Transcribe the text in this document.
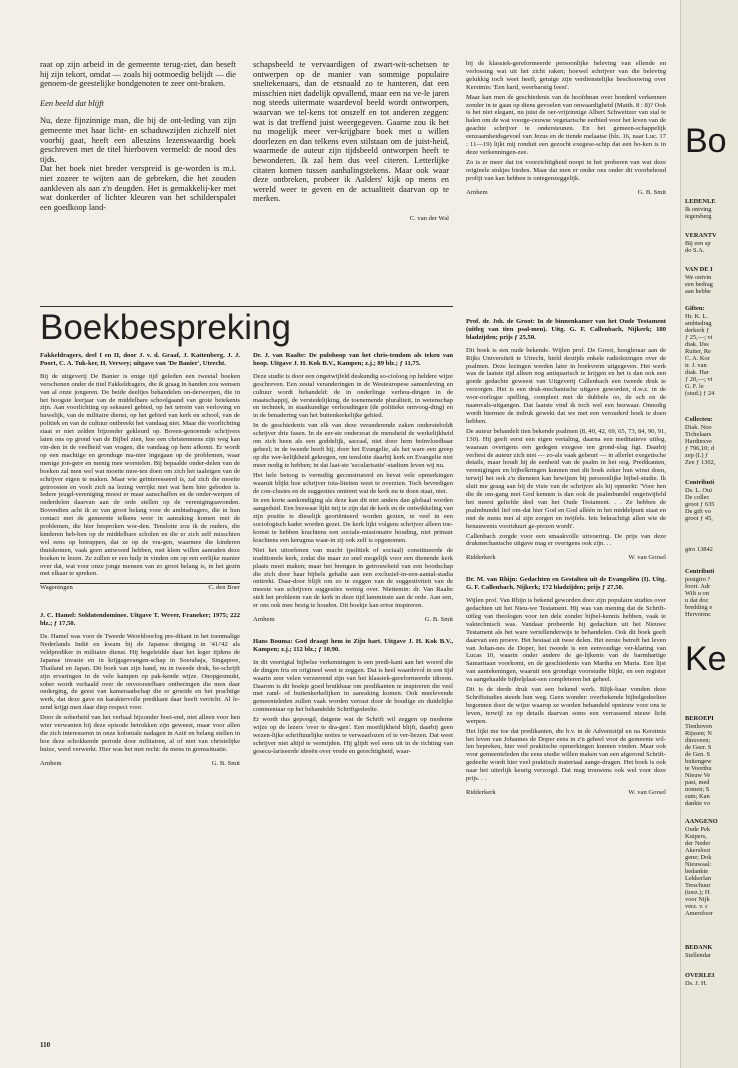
raat op zijn arbeid in de gemeente terug-ziet, dan beseft hij zijn tekort, omdat — zoals hij ootmoedig belijdt — die genoem-de geestelijke bondgenoten te zeer ont-braken.

Een beeld dat blijft

Nu, deze fijnzinnige man, die bij de ont-leding van zijn gemeente met haar licht- en schaduwzijden zichzelf niet voorbij gaat, heeft een alleszins lezenswaardig boek geschreven met de titel hierboven vermeld: de nood des tijds.

Dat het boek niet breder verspreid is ge-worden is m.i. niet zozeer te wijten aan de gebreken, die het zouden aankleven als aan z'n deugden. Het is gemakkelij-ker met wat donkerder of lichter kleuren van het schilderspalet een goedkoop land-

schapsbeeld te vervaardigen of zwart-wit-schetsen te ontwerpen op de manier van sommige populaire sneltekenaars, dan de etsnaald zo te hanteren, dat een misschien niet dadelijk opvallend, maar een na ve-le jaren nog steeds uitermate waardevol beeld wordt ontworpen, waarvan we tel-kens tot onszelf en tot anderen zeggen: wat is dat treffend juist weergegeven. Gaarne zou ik het nu mogelijk meer ver-krijgbare boek met u willen doorlezen en dan telkens even stilstaan om de juist-heid, waarmede de auteur zijn tijdsbeeld ontworpen heeft te bewonderen. Ik zal hem dus veel citeren. Letterlijke citaten komen tussen aanhalingstekens. Maar ook waar deze ontbreken, probeer ik Aalders' kijk op mens en wereld weer te geven en de actualiteit daarvan op te merken.

C. van der Wal

bij de klassiek-gereformeerde persoonlijke beleving van ellende en verlossing wat uit het zicht raken; hoewel schrijver van die beleving gelukkig toch weet heeft, getuige zijn verdienstelijke beschouwing over Kerstmis: 'Een hard, weerbarstig feest'.

Maar kan men de geschiedenis van de hoofdman over honderd verkennen zonder in te gaan op diens gevoelen van onwaardigheid (Matth. 8 : 8)? Ook is het niet elegant, nu juist de oer-vrijzinnige Albert Schweitzer van stal te halen om de wat voorge-ceuwse vegetarische eerbied voor het leven van de geachte schrijver te ondersteunen. En het gemeen-schappelijk eenzaamheidsgevoel van Jezus en de tiende melaatse (blz. 16, naar Luc. 17 : 11—19) lijkt mij ronduit een gezocht exegese-schip dat een bo-ken is in deze verkenningen-zee.

Zo is er meer dat tot voorzichtigheid noopt in het proberen van wat deze originele stukjes bieden. Maar dat men er onder ons onder dit voorbehoud profijt van kan hebben is ontegenzeggelijk.

Arnhem	G. B. Smit
Boekbespreking
Fakkeldragers, deel I en II, door J. v. d. Graaf, J. Kattenberg, J. J. Poort, C. A. Tuk-ker, H. Verwey; uitgave van 'De Banier', Utrecht.

Bij de uitgeverij De Banier is enige tijd geleden een tweetal boeken verschenen onder de titel Fakkeldragers, die ik graag in handen zou wensen van al onze jongeren. De beide deeltjes behandelen on-derwerpen, die in het hoogste leerjaar van de middelbare schoolgaand van grote betekenis zijn. Aan voorlichting op seksueel gebied, op het terrein van verloving en huwelijk, van de militaire dienst, op het gebied van kerk en school, van de politiek en van de cultuur ontbreekt het vandaag niet. Maar die voorlichting staat er niet zelden bijzonder gekleurd op. Boven-genoemde schrijvers laten ons op grond van de Bijbel zien, hoe een christenmens zijn weg kan vin-den in de veelheid van vragen, die vandaag op hem afkomt. Er wordt op een machtige en gronduge ma-nier ingegaan op de problemen, waar menige jon-gere en menig mee worstelen. Bij bepaalde onder-delen van de boeken zal men wel wat moeite moe-ten doen om zich het taaleigen van de schrijver eigen te maken. Maar wie geïnteresseerd is, zal zich die moeite getroosten en voelt zich na lezing verrijkt met wat hem hier geboden is. Iedere jeugd-vereniging moest er maar aanschaffen en de onder-werpen of onderdelen daarvan aan de orde stellen op de verenigingsavonden. Bovendien acht ik ze van groot belang voor de ambtsdragers, die in hun contact met de gemeente telkens weer in aanraking komen met de problemen, die hier besproken wor-den. Tenslotte zou ik de ouders, die kinderen heb-ben op de middelbare scholen en die er zich zelf misschien wel eens op betrappen, dat ze op de vra-gen, waarmee die kinderen thuiskomen, vaak geen antwoord hebben, met klem willen aanraden deze boeken te lezen. Ze zullen er een hulp in vinden om op een eerlijke manier over dat, wat voor onze jonge mensen van zo groot belang is, in het gezin met elkaar te spreken.

Wageningen	C. den Boer
J. C. Hamel: Soldatendominee. Uitgave T. Wever, Franeker; 1975; 222 blz.; ƒ 17,50.

Ds. Hamel was voor de Tweede Wereldoorlog pre-dikant in het toenmalige Nederlands Indië en kwam bij de Japanse dreiging in '41/'42 als veldprediker in militaire dienst. Hij begeleidde daar het leger tijdens de Japanse invasie en in krijgsgevangen-schap in Soerabaja, Singapore, Thailand en Japan. Dit boek van zijn hand, nu in tweede druk, be-schrijft zijn ervaringen in de vele kampen op pak-kende wijze. Onopgesmukt, sober wordt verhaald over de onvoorstelbare ontberingen die men daar onderging, de geest van kameraadschap die er groeide en het prachtige werk, dat deze gave en karaktervolle predikant daar heeft verricht. Al le-zend krijgt men daar diep respect voor.

Door de soberheid van het verhaal bijzonder boei-end, niet alleen voor hen wier verwanten bij deze episode betrokken zijn geweest, maar voor allen die zich interesseren in onze koloniale nadagen in Azië en belang stellen in hoe deze schokkende periode door militairen, al of niet van christelijke huize, werd verwerkt. Hier was het met recht: de mens in grenssituatie.

Arnhem	G. B. Smit
Dr. J. van Raalte: De pulohoop van het chris-tendom als teken van hoop. Uitgave J. H. Kok B.V., Kampen; z.j.; 89 blz.; ƒ 11,75.

Deze studie is door een ongetwijfeld deskundig so-cioloog op heldere wijze geschreven. Een zestal veranderingen in de Westeuropese samenleving en cultuur wordt behandeld: de in onderlinge verhou-dingen in de maatschappij, de verstedelijking, de toenemende pluraliteit, in wetenschap en techniek, in staatkundige verhoudingen (de politieke ontvoog-ding) en in de benadering van het buitenkerkelijke gebied.

In de geschiedenis van elk van deze veranderende zaken ondersteboldt schrijver drie fasen. In de eer-ste onderzoat de mensheid de werkelijkheid om zich heen als een goddelijk, sacraal, niet door hem beïnvloedbaar gebeel; in de tweede heeft hij, door het Evangelie, als het ware een greep op die wer-kelijkheid gekregen, om tenslotte daarbij kerk en Evangelie niet meer nodig te hebben; in dat laat-ste 'secularisatie'-stadium leven wij nu.

Het hele betoog is vernuftig geconstrueerd en bevat vele opmerkingen waaruit blijkt hoe schrijver tota-liteiten weet te overzien. Toch bevredigen de con-clusies en de suggesties omtrent wat de kerk nu te doen staat, niet.

In een korte aankondiging als deze kan dit niet anders dan globaal worden aangeduid. Een bezwaar lijkt mij te zijn dat de kerk en de ontwikkeling van zijn positie te dieselijk georiënteerd worden gezien, te veel in een sociologisch kader worden gezet. De kerk lijkt volgens schrijver alleen toe-komst te hebben krachtens een sociale-missionaire houding, niet primair krachtens een kerugma waar-in zij ook zelf is opgenomen.

Niet het uitoefenen van macht (politiek of sociaal) constitueerde de traditionele kerk, zodat die maar zo snel mogelijk voor een dienende kerk plaats moet maken; maar het brengen in getrouwheid van een boodschap die zich door haar bijbels gehalte aan een exclusief-in-een-aantal-stadia onttrekt. Daar-door blijft om zo te zeggen van de suggestiviteit van de meeste van schrijvers suggesties weinig over. Niettemin: dr. Van Raalte stelt het probleem van de kerk in deze tijd lamminste aan de orde. Aan een, er ons ook mee bezig te houden. Dit boekje kan ertoe inspireren.

Arnhem	G. B. Smit
Hans Bouma: God draagt hem in Zijn hart. Uitgave J. H. Kok B.V., Kampen; z.j.; 112 blz.; ƒ 10,90.

In dit veertigtal bijbelse verkenningen is een predi-kant aan het woord die de dingen fris en origineel weet te zeggen. Dat is heel waardevol in een tijd waarin zeer velen verzeerend zijn van het klassiek-gereformeerde idioom. Daarom is dit boekje goed bruikbaar om predikanten te inspireren die veel met rand- of buitenkerkelijken in aanraking komen. Ook meelevende gemeenteleden zullen vaak worden verrast door de boudige en duidelijke commentaar op het behandelde Schriftgedeelte.

Er wordt dus gepoogd, datgene wat de Schrift wil zeggen op moderne wijze op de lezers 'over te dra-gen'. Een moeilijkheid blijft, daarbij geen wezen-lijke schriftuurlijke noties te verwaarlozen of te ver-liezen. Dat weet schrijver niet altijd te vermijden. Hij glijdt wel eens uit in de richting van gesecu-lariseerde ideeën over vrede en gerechtigheid, waar-

Prof. dr. Joh. de Groot: In de binnenkamer van het Oude Testament (uitleg van tien psal-men). Uitg. G. F. Callenbach, Nijkerk; 180 bladzijden; prijs ƒ 25,50.

Dit boek is een oude bekende. Wijlen prof. De Groot, hoogleraar aan de Rijks Universiteit te Utrecht, hield destijds enkele radiolezingen over de psalmen. Deze lezingen werden later in boekvorm uitgegeven. Het werk was de laatste tijd alleen nog antiquarisch te krijgen en het is dan ook een goede gedachte geweest van Uitgeverij Callenbach een tweede druk te verzorgen. Het is een druk-mechanische uitgave geworden, d.w.z. in de voor-oorlogse spelling, compleet met de dubbele oo, de sch en de naamvals-uitgangen. Dat laatste vind ik toch wel een bezwaar. Onnodig wordt hiermee de indruk gewekt dat we met een verouderd boek te doen hebben.

De auteur behandelt tien bekende psalmen (8, 40, 42, 69, 65, 73, 84, 90, 91, 130). Hij geeft eerst een eigen vertaling, daarna een meditatieve uitleg, waaraan overigens een gedegen exegese ten grond-slag ligt. Daarbij verliest de auteur zich niet — zo-als vaak gebeurt — in allerlei exegetische details, maar houdt hij de eenheid van de psalm in het oog. Predikanten, verenigingen en bijbelkringen kunnen met dit boek zeker hun winst doen, terwijl het ook z'n diensten kan bewijzen bij persoonlijke bijbel-studie. Ik sluit me graag aan bij de visie van de schrijver als hij opmerkt: 'Voor hen die de om-gang met God kennen is dan ook de psalmbundel ongetwijfeld het meest geliefde deel van het Oude Testament. . . Ze hebben de psalmbundel lief om-dat hier God en God alléén in het middelpunt staat en niet de mens met al zijn zorgen en twijfels. Iets bekrachtigt allen wie de benauwenis voortduurt ge-prezen wordt'.

Callenbach zorgde voor een smaakvolle uitvoering. De prijs van deze drukmechanische uitgave mag er overigens ook zijn. . .

Ridderkerk	W. van Gorsel
Dr. M. van Rhijn: Gedachten en Gestalten uit de Evangeliën (I). Uitg. G. F. Callenbach, Nijkerk; 172 bladzijden; prijs ƒ 27,50.

Wijlen prof. Van Rhijn is bekend geworden door zijn populaire studies over gedachten uit het Nieu-we Testament. Hij was van mening dat de Schrift-uitleg van theologen voor ten dele zonder bijbel-kennis hebben, vaak te vaktechnisch was. Vandaar probeerde hij gedachten uit het Nieuwe Testament als het ware vertellenderwijs te behandelen. Ook dit boek geeft daarvan een proeve. Het bestaat uit twee delen. Het eerste betreft het leven van Johan-nes de Doper, het tweede is een eenvoudige ver-klaring van Lucas 10, waarin onder andere de ge-lijkenis van de barmhartige Samaritaan voorkomt, en de geschiedenis van Martha en Maria. Een lijst van aantekeningen, waaruit een grondige voorstudie blijkt, en een register va aangehaalde bijbelplaat-sen completeren het geheel.

Dit is de derde druk van een bekend werk. Blijk-baar vonden deze Schriftstudies steeds hun weg. Geen wonder: overbekende bijbelgedeelten begonnen door de wijze waarop ze worden behandeld opnieuw voor ons te leven, terwijl ze op details daarvan soms een verrassend nieuw licht werpen.

Het lijkt me toe dat predikanten, die b.v. in de Adventstijd en na Kerstmis het leven van Johannes de Doper eens in z'n geheel voor de gemeente wil-len beprekeu, hier veel praktische opmerkingen kunnen vinden. Maar ook voor gemeenteleden die eens studie willen maken van een afgerond Schrift-gedeelte wordt hier veel praktisch materiaal aange-dragen. Het boek is ook naar het uiterlijk keurig verzorgd. Dat mag trouwens ook wel voor deze prijs. . .

Ridderkerk	W. van Gorsel
110
Bo
LEDENLE
Ik ontving
iegersberg
VERANTV
Bij een sp
do S.A.
VAN DE I
We ontvin
een bedrag
aan hebbe
Giften:
Hr. K. L.
ambtsdrag
derkerk ƒ
ƒ 25,—; vi
diak. IJss
Ruiter, Re
C. A. Kor
ir. J. van
diak. Har
ƒ 20,—; vi
G. F. le
(stud.) ƒ 24
Collecten:
Diak. Noo
Tichelaars
Hardinxve
ƒ 796,10; d
zep (I.) ƒ
Zee ƒ 1302,
Contributi
Ds. L. Oui
De collec
groot ƒ 635
De gift vo
groot ƒ 45,
giro 13842
Contributi
postgiro ?
foort. Adr
Wilt u on
u dat doc
bredding e
Hervormc
Ke
BEROEPI
Tienhoven
Rijssen; N
dinxveen;
de Geer. S
de Gen. S
buitengew
te Voorthu
Nieuw Ve
past, med
nomen; S
sum; Kan
dankte vo
AANGENO
Oude Pek
Kuipers,
der Neder
Akersloot
gene; Dok
Nieuwaal:
bedankte
Lekkerlan
Terschuur
(toez.); H.
voor Nijk
verz. v. c
Amersfoor
BEDANK
Stellendar
OVERLEI
Ds. J. H.
